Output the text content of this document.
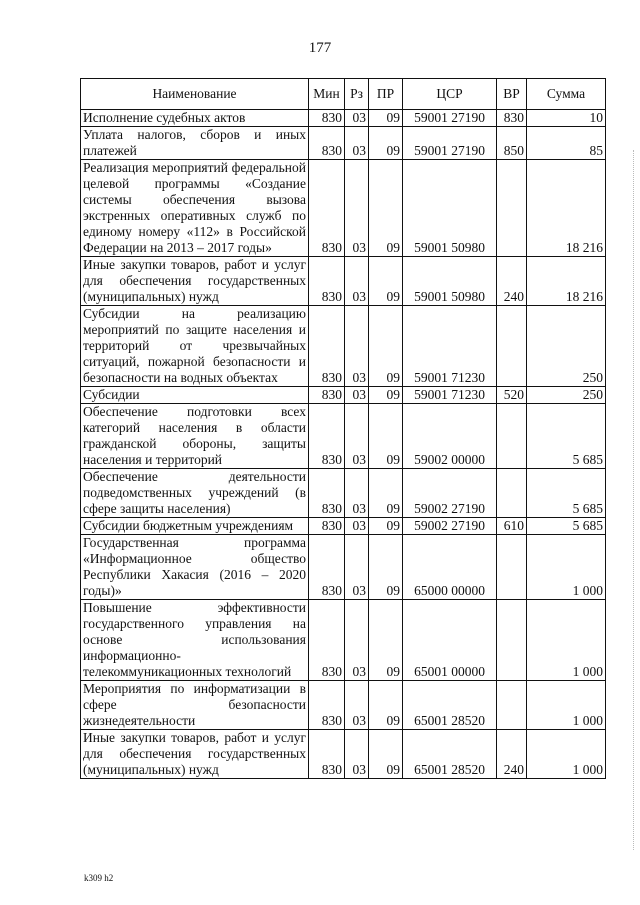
177
Наименование	Мин	Рз	ПР	ЦСР	ВР	Сумма
Исполнение судебных актов	830	03	09	59001 27190	830	10
Уплата налогов, сборов и иных платежей	830	03	09	59001 27190	850	85
Реализация мероприятий федеральной целевой программы «Создание системы обеспечения вызова экстренных оперативных служб по единому номеру «112» в Российской Федерации на 2013 – 2017 годы»	830	03	09	59001 50980		18 216
Иные закупки товаров, работ и услуг для обеспечения государственных (муниципальных) нужд	830	03	09	59001 50980	240	18 216
Субсидии на реализацию мероприятий по защите населения и территорий от чрезвычайных ситуаций, пожарной безопасности и безопасности на водных объектах	830	03	09	59001 71230		250
Субсидии	830	03	09	59001 71230	520	250
Обеспечение подготовки всех категорий населения в области гражданской обороны, защиты населения и территорий	830	03	09	59002 00000		5 685
Обеспечение деятельности подведомственных учреждений (в сфере защиты населения)	830	03	09	59002 27190		5 685
Субсидии бюджетным учреждениям	830	03	09	59002 27190	610	5 685
Государственная программа «Информационное общество Республики Хакасия (2016 – 2020 годы)»	830	03	09	65000 00000		1 000
Повышение эффективности государственного управления на основе использования информационно-телекоммуникационных технологий	830	03	09	65001 00000		1 000
Мероприятия по информатизации в сфере безопасности жизнедеятельности	830	03	09	65001 28520		1 000
Иные закупки товаров, работ и услуг для обеспечения государственных (муниципальных) нужд	830	03	09	65001 28520	240	1 000
k309 h2
